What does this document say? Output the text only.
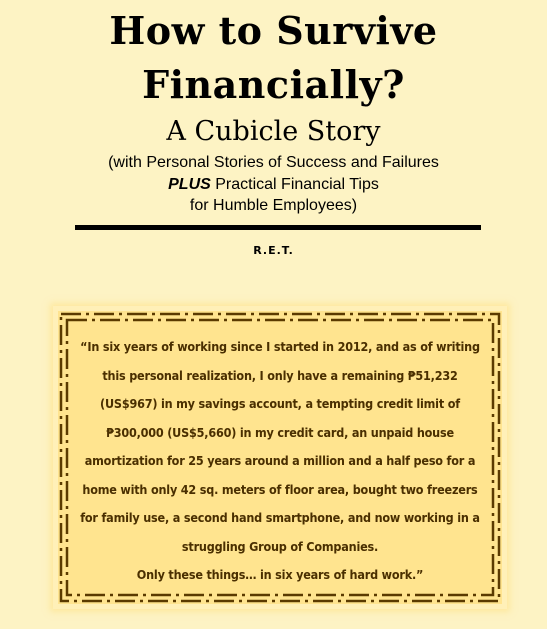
How to Survive
Financially?
A Cubicle Story
(with Personal Stories of Success and Failures
PLUS Practical Financial Tips
for Humble Employees)
R.E.T.
“In six years of working since I started in 2012, and as of writing
this personal realization, I only have a remaining ₱51,232
(US$967) in my savings account, a tempting credit limit of
₱300,000 (US$5,660) in my credit card, an unpaid house
amortization for 25 years around a million and a half peso for a
home with only 42 sq. meters of floor area, bought two freezers
for family use, a second hand smartphone, and now working in a
struggling Group of Companies.
Only these things… in six years of hard work.”
